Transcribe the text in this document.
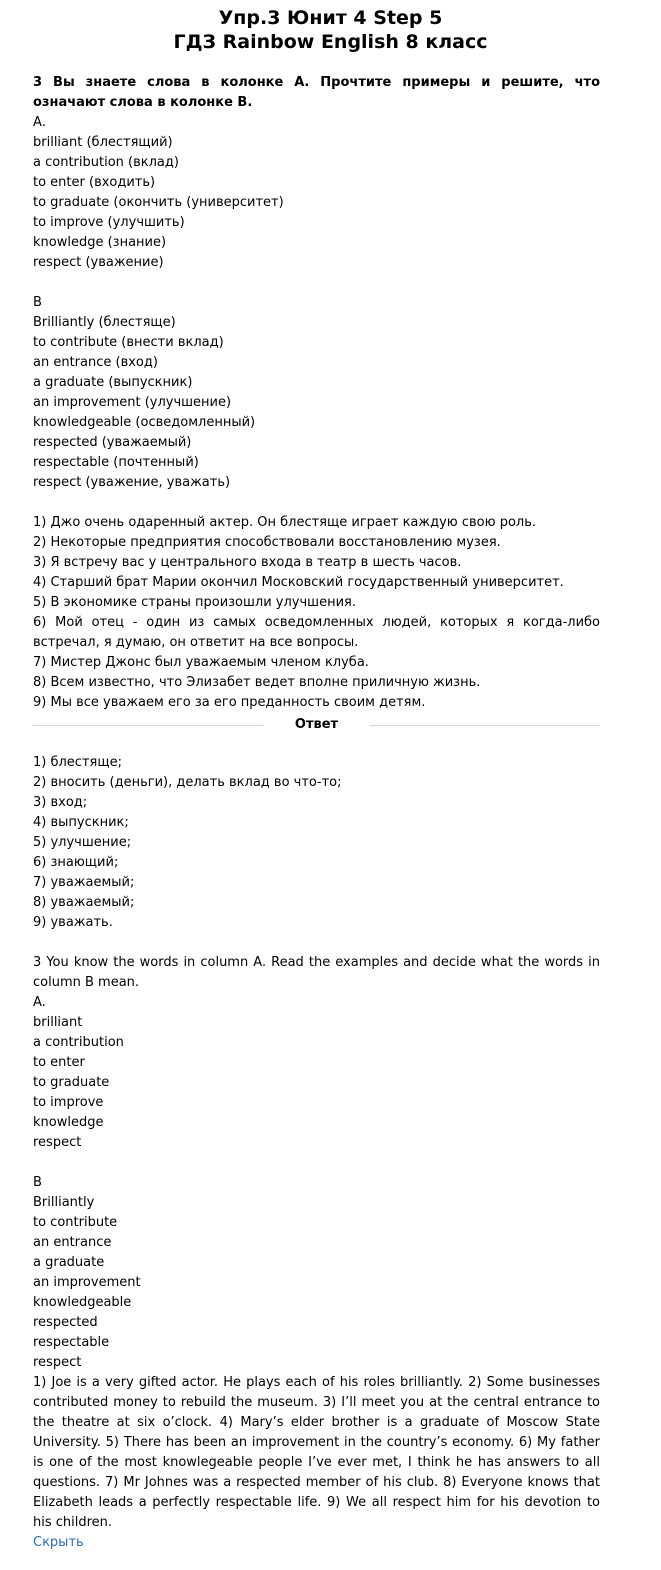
Упр.3 Юнит 4 Step 5
ГДЗ Rainbow English 8 класс
3 Вы знаете слова в колонке А. Прочтите примеры и решите, что означают слова в колонке В.
А.
brilliant (блестящий)
a contribution (вклад)
to enter (входить)
to graduate (окончить (университет)
to improve (улучшить)
knowledge (знание)
respect (уважение)
B
Brilliantly (блестяще)
to contribute (внести вклад)
an entrance (вход)
a graduate (выпускник)
an improvement (улучшение)
knowledgeable (осведомленный)
respected (уважаемый)
respectable (почтенный)
respect (уважение, уважать)
1) Джо очень одаренный актер. Он блестяще играет каждую свою роль.
2) Некоторые предприятия способствовали восстановлению музея.
3) Я встречу вас у центрального входа в театр в шесть часов.
4) Старший брат Марии окончил Московский государственный университет.
5) В экономике страны произошли улучшения.
6) Мой отец - один из самых осведомленных людей, которых я когда-либо встречал, я думаю, он ответит на все вопросы.
7) Мистер Джонс был уважаемым членом клуба.
8) Всем известно, что Элизабет ведет вполне приличную жизнь.
9) Мы все уважаем его за его преданность своим детям.
Ответ
1) блестяще;
2) вносить (деньги), делать вклад во что-то;
3) вход;
4) выпускник;
5) улучшение;
6) знающий;
7) уважаемый;
8) уважаемый;
9) уважать.
3 You know the words in column A. Read the examples and decide what the words in column B mean.
A.
brilliant
a contribution
to enter
to graduate
to improve
knowledge
respect
B
Brilliantly
to contribute
an entrance
a graduate
an improvement
knowledgeable
respected
respectable
respect
1) Joe is a very gifted actor. He plays each of his roles brilliantly. 2) Some businesses contributed money to rebuild the museum. 3) I’ll meet you at the central entrance to the theatre at six o’clock. 4) Mary’s elder brother is a graduate of Moscow State University. 5) There has been an improvement in the country’s economy. 6) My father is one of the most knowlegeable people I’ve ever met, I think he has answers to all questions. 7) Mr Johnes was a respected member of his club. 8) Everyone knows that Elizabeth leads a perfectly respectable life. 9) We all respect him for his devotion to his children.
Скрыть
